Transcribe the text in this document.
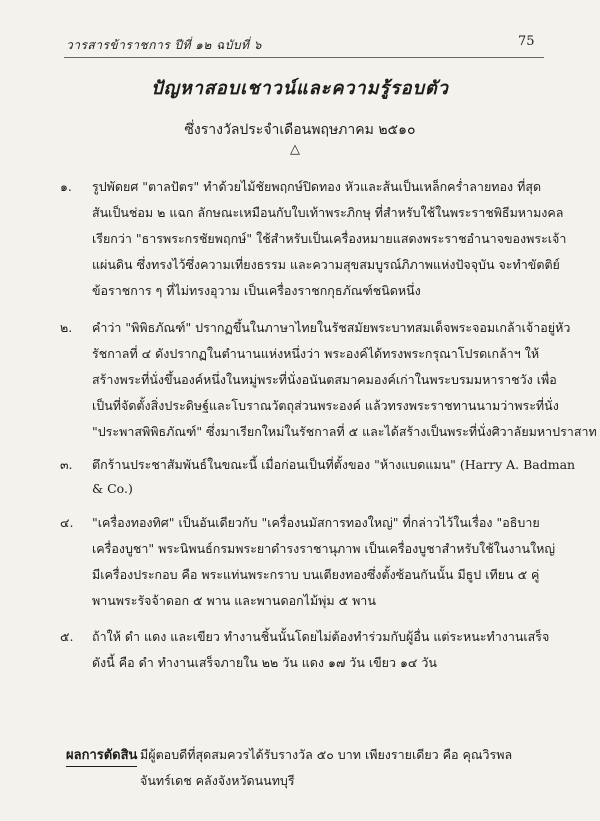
วารสารข้าราชการ ปีที่ ๑๒ ฉบับที่ ๖	75
ปัญหาสอบเชาวน์และความรู้รอบตัว
ซึ่งรางวัลประจำเดือนพฤษภาคม ๒๕๑๐
△
๑. รูปพัดยศ "ตาลปัตร" ทำด้วยไม้ชัยพฤกษ์ปิดทอง หัวและส้นเป็นเหล็กคร่ำลายทอง ที่สุด
สันเป็นช่อม ๒ แฉก ลักษณะเหมือนกับใบเท้าพระภิกษุ ที่สำหรับใช้ในพระราชพิธีมหามงคล
เรียกว่า "ธารพระกรชัยพฤกษ์" ใช้สำหรับเป็นเครื่องหมายแสดงพระราชอำนาจของพระเจ้า
แผ่นดิน ซึ่งทรงไว้ซึ่งความเที่ยงธรรม และความสุขสมบูรณ์ภิภาพแห่งปัจจุบัน จะทำขัตติย์
ข้อราชการ ๆ ที่ไม่ทรงอุวาม เป็นเครื่องราชกกุธภัณฑ์ชนิดหนึ่ง
๒. คำว่า "พิพิธภัณฑ์" ปรากฏขึ้นในภาษาไทยในรัชสมัยพระบาทสมเด็จพระจอมเกล้าเจ้าอยู่หัว
รัชกาลที่ ๔ ดังปรากฏในตำนานแห่งหนึ่งว่า พระองค์ได้ทรงพระกรุณาโปรดเกล้าฯ ให้
สร้างพระที่นั่งขึ้นองค์หนึ่งในหมู่พระที่นั่งอนันตสมาคมองค์เก่าในพระบรมมหาราชวัง เพื่อ
เป็นที่จัดตั้งสิ่งประดิษฐ์และโบราณวัตถุส่วนพระองค์ แล้วทรงพระราชทานนามว่าพระที่นั่ง
"ประพาสพิพิธภัณฑ์" ซึ่งมาเรียกใหม่ในรัชกาลที่ ๕ และได้สร้างเป็นพระที่นั่งศิวาลัยมหาปราสาท
๓. ตึกร้านประชาสัมพันธ์ในขณะนี้ เมื่อก่อนเป็นที่ตั้งของ "ห้างแบดแมน" (Harry A. Badman
& Co.)
๔. "เครื่องทองทิศ" เป็นอันเดียวกับ "เครื่องนมัสการทองใหญ่" ที่กล่าวไว้ในเรื่อง "อธิบาย
เครื่องบูชา" พระนิพนธ์กรมพระยาดำรงราชานุภาพ เป็นเครื่องบูชาสำหรับใช้ในงานใหญ่
มีเครื่องประกอบ คือ พระแท่นพระกราบ บนเตียงทองซึ่งตั้งซ้อนกันนั้น มีธูป เทียน ๕ คู่
พานพระรัจจ้าดอก ๕ พาน และพานดอกไม้พุ่ม ๕ พาน
๕. ถ้าให้ ดำ แดง และเขียว ทำงานชิ้นนั้นโดยไม่ต้องทำร่วมกับผู้อื่น แต่ระหนะทำงานเสร็จ
ดังนี้ คือ ดำ ทำงานเสร็จภายใน ๒๒ วัน แดง ๑๗ วัน เขียว ๑๔ วัน
ผลการตัดสิน มีผู้ตอบดีที่สุดสมควรได้รับรางวัล ๕๐ บาท เพียงรายเดียว คือ คุณวิรพล
จันทร์เดช คลังจังหวัดนนทบุรี
